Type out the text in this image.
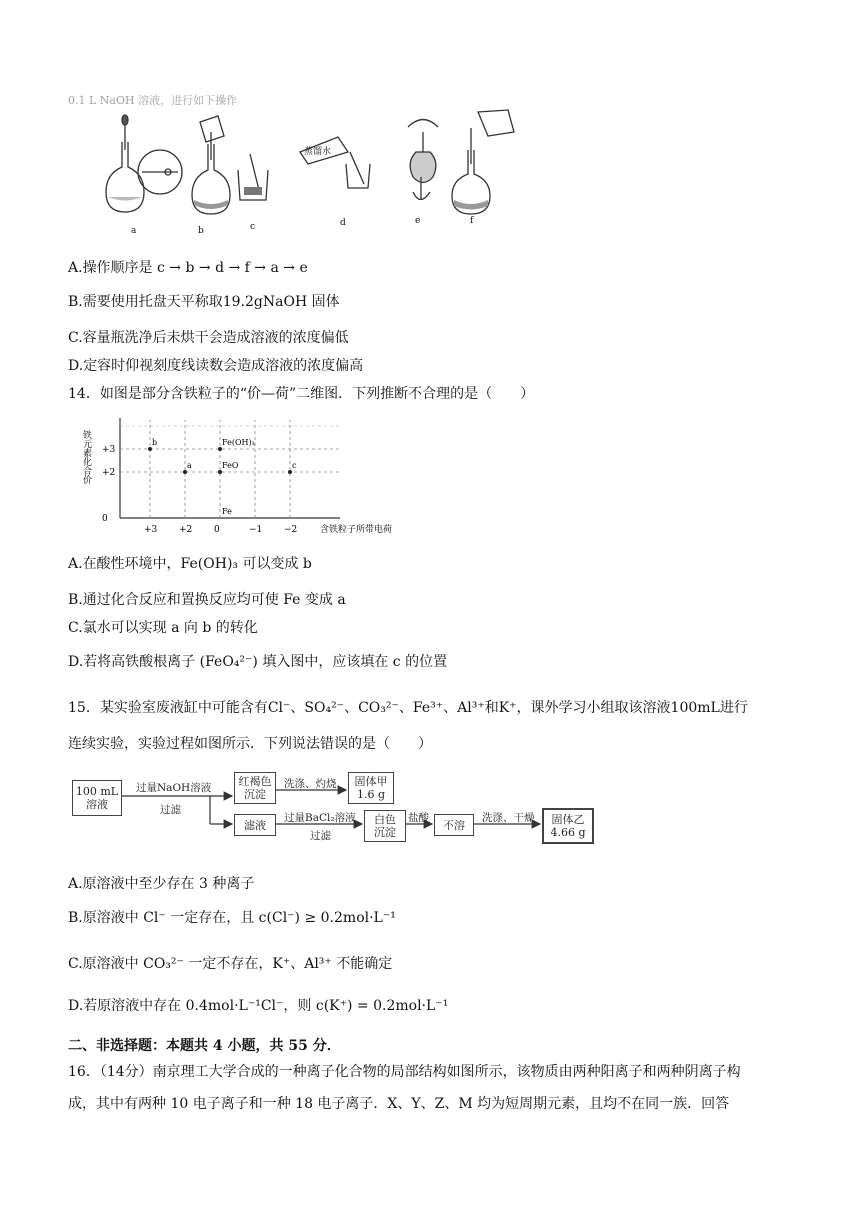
0.1 L NaOH 溶液，进行如下操作
蒸馏水
a	b	c	d	e	f
A.操作顺序是 c → b → d → f → a → e
B.需要使用托盘天平称取19.2gNaOH 固体
C.容量瓶洗净后未烘干会造成溶液的浓度偏低
D.定容时仰视刻度线读数会造成溶液的浓度偏高
14．如图是部分含铁粒子的“价—荷”二维图．下列推断不合理的是（　　）
+3 +2 0	−1 −2
+3
+2
0
含铁粒子所带电荷
铁元素化合价	b	Fe(OH)₃
a	FeO	c
Fe
A.在酸性环境中，Fe(OH)₃ 可以变成 b
B.通过化合反应和置换反应均可使 Fe 变成 a
C.氯水可以实现 a 向 b 的转化
D.若将高铁酸根离子 (FeO₄²⁻) 填入图中，应该填在 c 的位置
15．某实验室废液缸中可能含有Cl⁻、SO₄²⁻、CO₃²⁻、Fe³⁺、Al³⁺和K⁺，课外学习小组取该溶液100mL进行
连续实验，实验过程如图所示．下列说法错误的是（　　）
100 mL
溶液
过量NaOH溶液
过滤
红褐色
沉淀
洗涤、灼烧	固体甲
1.6 g
滤液
过量BaCl₂溶液
过滤
白色
沉淀
盐酸
不溶
洗涤、干燥	固体乙
4.66 g
A.原溶液中至少存在 3 种离子
B.原溶液中 Cl⁻ 一定存在，且 c(Cl⁻) ≥ 0.2mol·L⁻¹
C.原溶液中 CO₃²⁻ 一定不存在，K⁺、Al³⁺ 不能确定
D.若原溶液中存在 0.4mol·L⁻¹Cl⁻，则 c(K⁺) = 0.2mol·L⁻¹
二、非选择题：本题共 4 小题，共 55 分．
16．（14分）南京理工大学合成的一种离子化合物的局部结构如图所示，该物质由两种阳离子和两种阴离子构
成，其中有两种 10 电子离子和一种 18 电子离子．X、Y、Z、M 均为短周期元素，且均不在同一族．回答
